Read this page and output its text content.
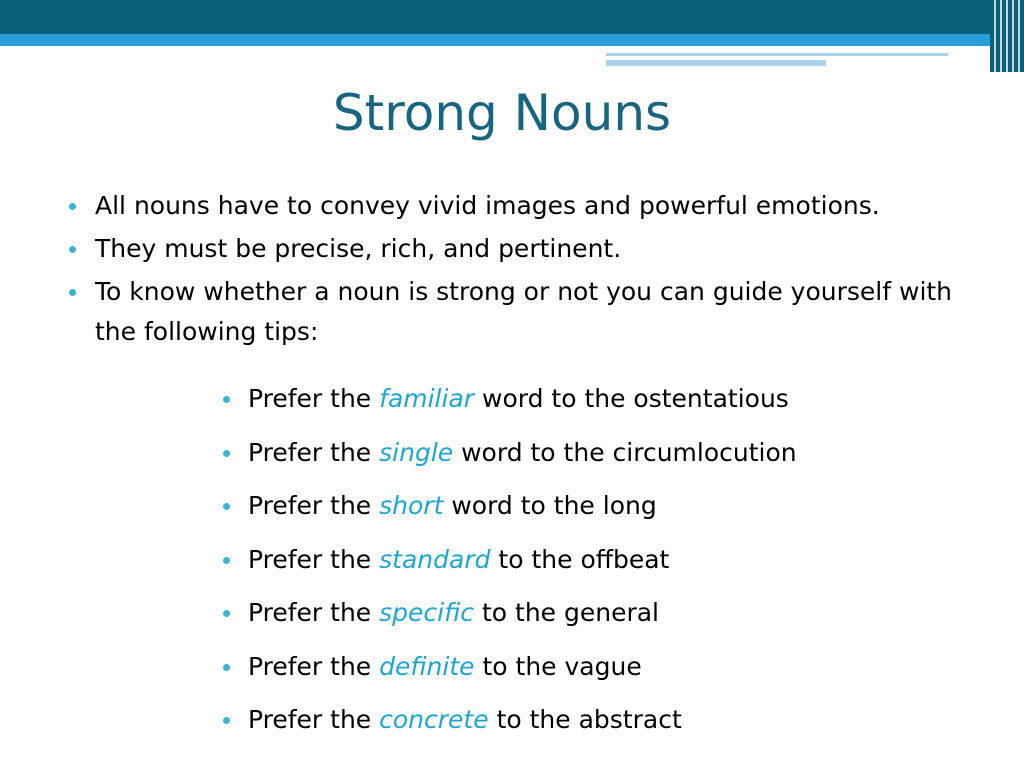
Strong Nouns
All nouns have to convey vivid images and powerful emotions.
They must be precise, rich, and pertinent.
To know whether a noun is strong or not you can guide yourself with the following tips:
Prefer the familiar word to the ostentatious
Prefer the single word to the circumlocution
Prefer the short word to the long
Prefer the standard to the offbeat
Prefer the specific to the general
Prefer the definite to the vague
Prefer the concrete to the abstract
